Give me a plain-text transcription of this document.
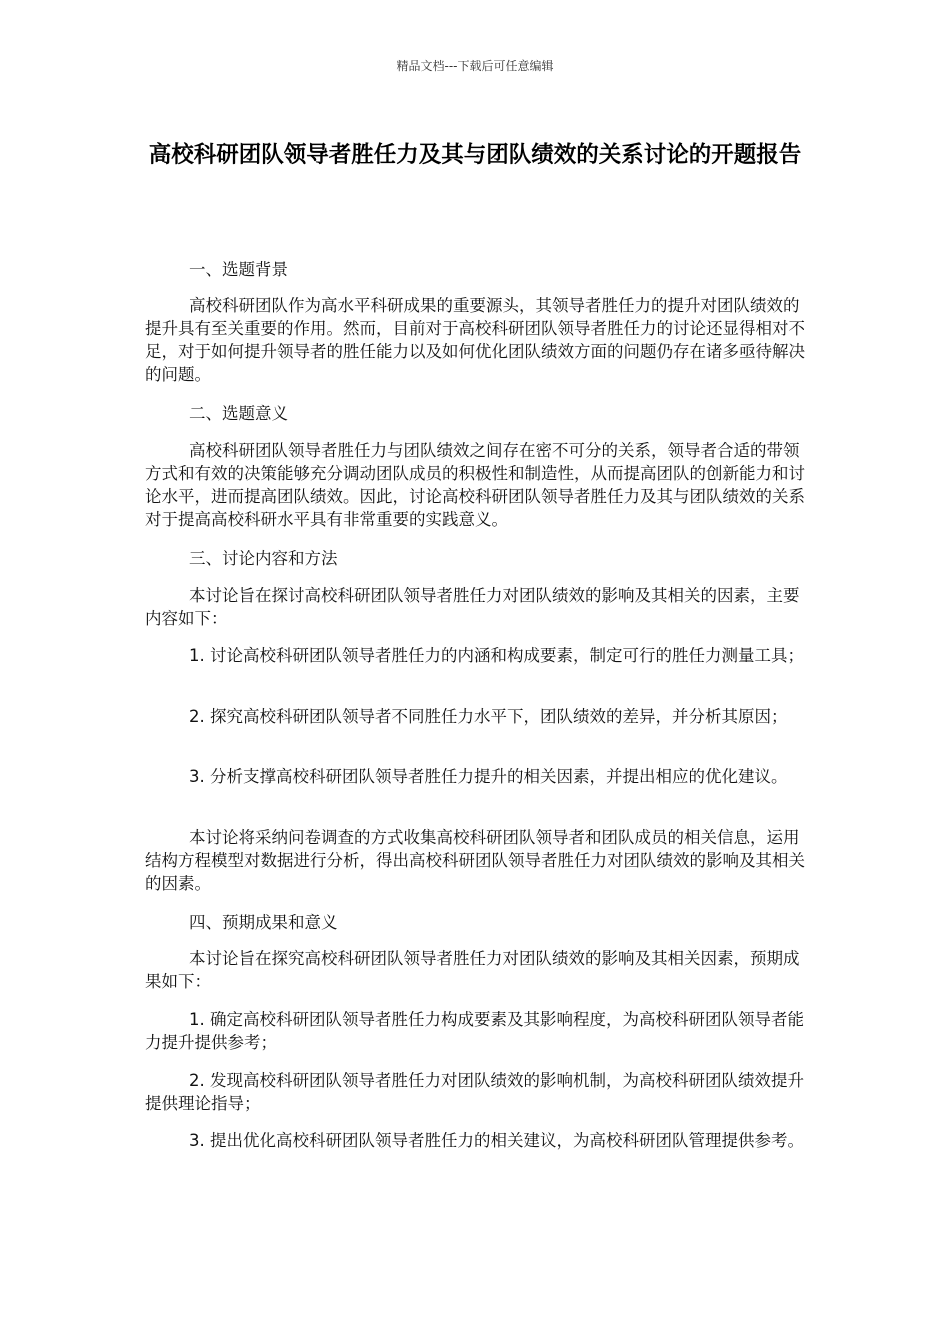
精品文档---下载后可任意编辑
高校科研团队领导者胜任力及其与团队绩效的关系讨论的开题报告

一、选题背景

高校科研团队作为高水平科研成果的重要源头，其领导者胜任力的提升对团队绩效的提升具有至关重要的作用。然而，目前对于高校科研团队领导者胜任力的讨论还显得相对不足，对于如何提升领导者的胜任能力以及如何优化团队绩效方面的问题仍存在诸多亟待解决的问题。

二、选题意义

高校科研团队领导者胜任力与团队绩效之间存在密不可分的关系，领导者合适的带领方式和有效的决策能够充分调动团队成员的积极性和制造性，从而提高团队的创新能力和讨论水平，进而提高团队绩效。因此，讨论高校科研团队领导者胜任力及其与团队绩效的关系对于提高高校科研水平具有非常重要的实践意义。

三、讨论内容和方法

本讨论旨在探讨高校科研团队领导者胜任力对团队绩效的影响及其相关的因素，主要内容如下：

1. 讨论高校科研团队领导者胜任力的内涵和构成要素，制定可行的胜任力测量工具；

2. 探究高校科研团队领导者不同胜任力水平下，团队绩效的差异，并分析其原因；

3. 分析支撑高校科研团队领导者胜任力提升的相关因素，并提出相应的优化建议。

本讨论将采纳问卷调查的方式收集高校科研团队领导者和团队成员的相关信息，运用结构方程模型对数据进行分析，得出高校科研团队领导者胜任力对团队绩效的影响及其相关的因素。

四、预期成果和意义

本讨论旨在探究高校科研团队领导者胜任力对团队绩效的影响及其相关因素，预期成果如下：

1. 确定高校科研团队领导者胜任力构成要素及其影响程度，为高校科研团队领导者能力提升提供参考；

2. 发现高校科研团队领导者胜任力对团队绩效的影响机制，为高校科研团队绩效提升提供理论指导；

3. 提出优化高校科研团队领导者胜任力的相关建议，为高校科研团队管理提供参考。
